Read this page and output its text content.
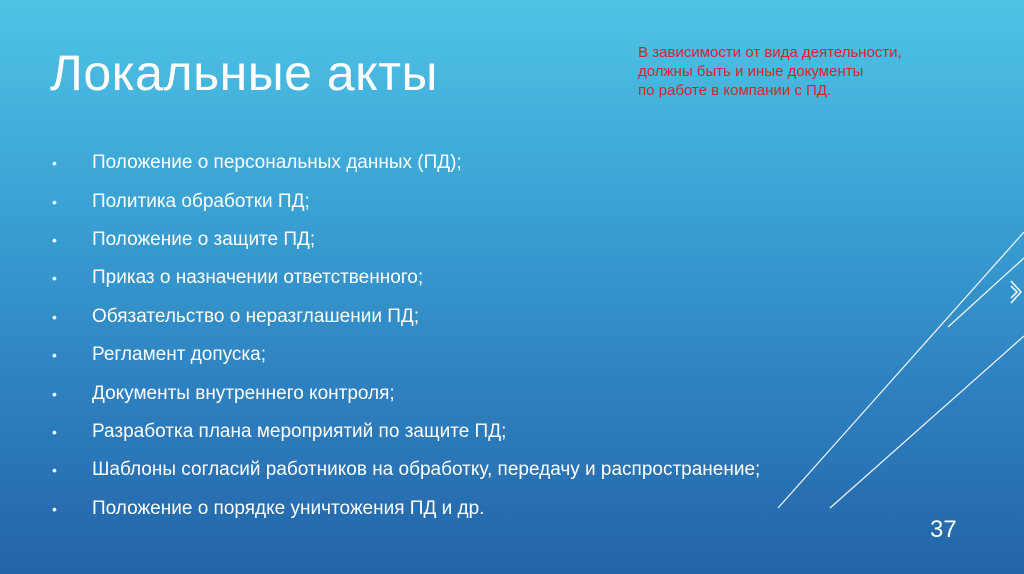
Локальные акты	В зависимости от вида деятельности,
должны быть и иные документы
по работе в компании с ПД.
•	Положение о персональных данных (ПД);
•	Политика обработки ПД;
•	Положение о защите ПД;
•	Приказ о назначении ответственного;
•	Обязательство о неразглашении ПД;
•	Регламент допуска;
•	Документы внутреннего контроля;
•	Разработка плана мероприятий по защите ПД;
•	Шаблоны согласий работников на обработку, передачу и распространение;
•	Положение о порядке уничтожения ПД и др.
37
